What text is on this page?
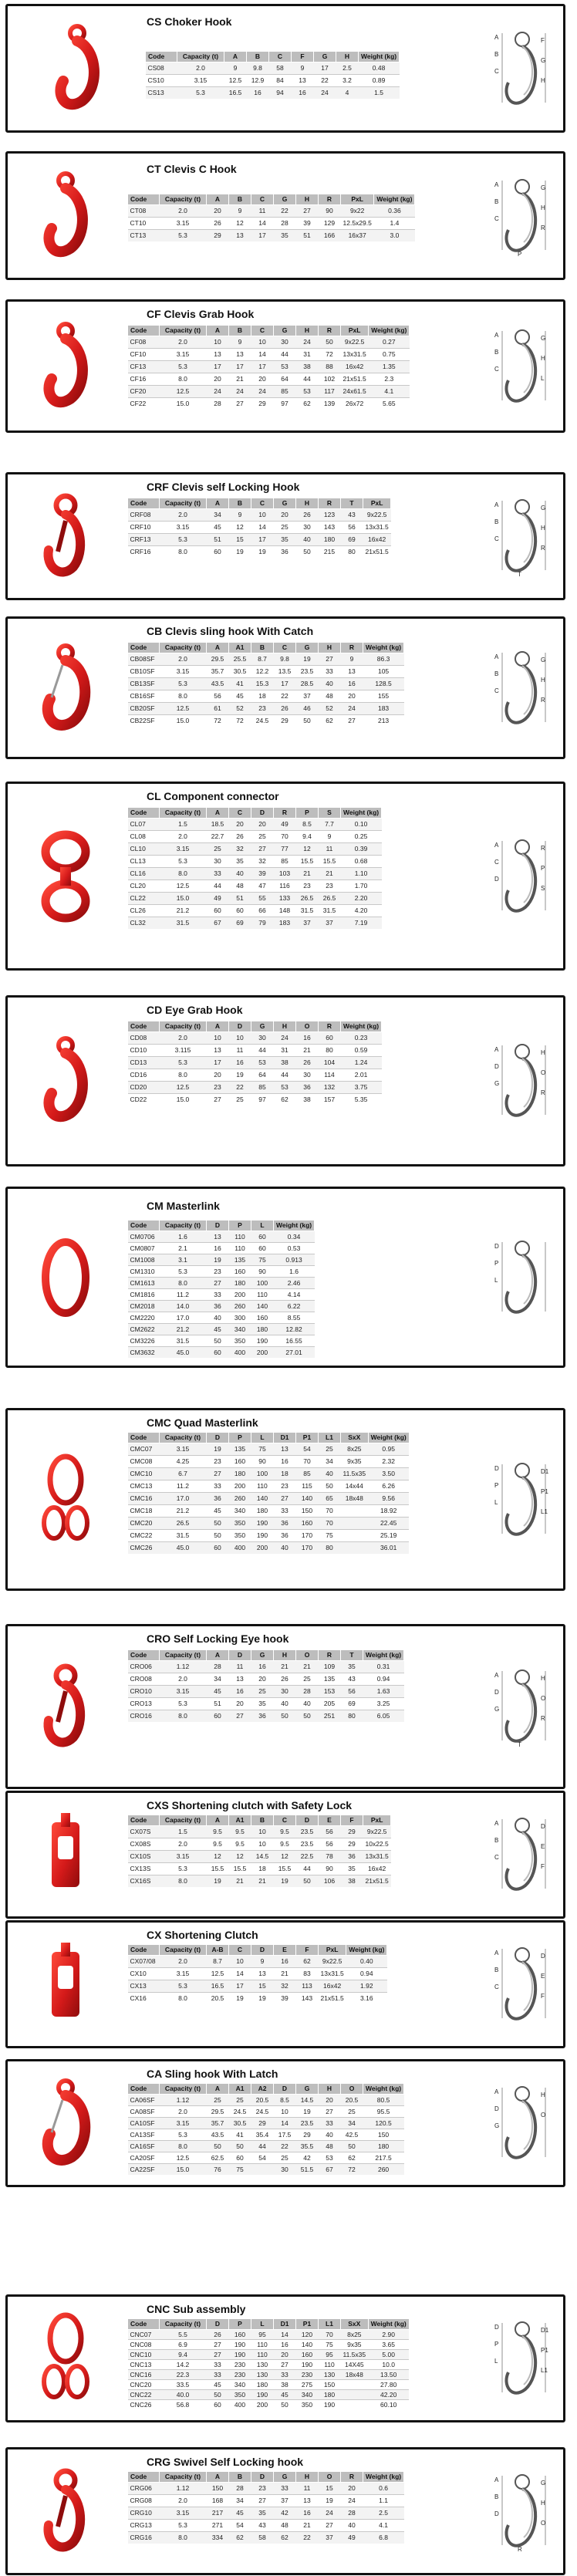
CS Choker Hook
Code	Capacity (t)	A	B	C	F	G	H	Weight (kg)
CS08	2.0	9	9.8	58	9	17	2.5	0.48
CS10	3.15	12.5	12.9	84	13	22	3.2	0.89
CS13	5.3	16.5	16	94	16	24	4	1.5
A
B
C
F
G
H
CT Clevis C Hook
Code	Capacity (t)	A	B	C	G	H	R	PxL	Weight (kg)
CT08	2.0	20	9	11	22	27	90	9x22	0.36
CT10	3.15	26	12	14	28	39	129	12.5x29.5	1.4
CT13	5.3	29	13	17	35	51	166	16x37	3.0
A
B
C
G
H
R
P
CF Clevis Grab Hook
Code	Capacity (t)	A	B	C	G	H	R	PxL	Weight (kg)
CF08	2.0	10	9	10	30	24	50	9x22.5	0.27
CF10	3.15	13	13	14	44	31	72	13x31.5	0.75
CF13	5.3	17	17	17	53	38	88	16x42	1.35
CF16	8.0	20	21	20	64	44	102	21x51.5	2.3
CF20	12.5	24	24	24	85	53	117	24x61.5	4.1
CF22	15.0	28	27	29	97	62	139	26x72	5.65
A
B
C
G
H
L
CRF Clevis self Locking Hook
Code	Capacity (t)	A	B	C	G	H	R	T	PxL
CRF08	2.0	34	9	10	20	26	123	43	9x22.5
CRF10	3.15	45	12	14	25	30	143	56	13x31.5
CRF13	5.3	51	15	17	35	40	180	69	16x42
CRF16	8.0	60	19	19	36	50	215	80	21x51.5
A
B
C
G
H
R
T
CB Clevis sling hook With Catch
Code	Capacity (t)	A	A1	B	C	G	H	R	Weight (kg)
CB08SF	2.0	29.5	25.5	8.7	9.8	19	27	9	86.3
CB10SF	3.15	35.7	30.5	12.2	13.5	23.5	33	13	105
CB13SF	5.3	43.5	41	15.3	17	28.5	40	16	128.5
CB16SF	8.0	56	45	18	22	37	48	20	155
CB20SF	12.5	61	52	23	26	46	52	24	183
CB22SF	15.0	72	72	24.5	29	50	62	27	213
A
B
C
G
H
R
CL Component connector
Code	Capacity (t)	A	C	D	R	P	S	Weight (kg)
CL07	1.5	18.5	20	20	49	8.5	7.7	0.10
CL08	2.0	22.7	26	25	70	9.4	9	0.25
CL10	3.15	25	32	27	77	12	11	0.39
CL13	5.3	30	35	32	85	15.5	15.5	0.68
CL16	8.0	33	40	39	103	21	21	1.10
CL20	12.5	44	48	47	116	23	23	1.70
CL22	15.0	49	51	55	133	26.5	26.5	2.20
CL26	21.2	60	60	66	148	31.5	31.5	4.20
CL32	31.5	67	69	79	183	37	37	7.19
A
C
D
R
P
S
CD Eye Grab Hook
Code	Capacity (t)	A	D	G	H	O	R	Weight (kg)
CD08	2.0	10	10	30	24	16	60	0.23
CD10	3.115	13	11	44	31	21	80	0.59
CD13	5.3	17	16	53	38	26	104	1.24
CD16	8.0	20	19	64	44	30	114	2.01
CD20	12.5	23	22	85	53	36	132	3.75
CD22	15.0	27	25	97	62	38	157	5.35
A
D
G
H
O
R
CM Masterlink
Code	Capacity (t)	D	P	L	Weight (kg)
CM0706	1.6	13	110	60	0.34
CM0807	2.1	16	110	60	0.53
CM1008	3.1	19	135	75	0.913
CM1310	5.3	23	160	90	1.6
CM1613	8.0	27	180	100	2.46
CM1816	11.2	33	200	110	4.14
CM2018	14.0	36	260	140	6.22
CM2220	17.0	40	300	160	8.55
CM2622	21.2	45	340	180	12.82
CM3226	31.5	50	350	190	16.55
CM3632	45.0	60	400	200	27.01
D
P
L
CMC Quad Masterlink
Code	Capacity (t)	D	P	L	D1	P1	L1	SxX	Weight (kg)
CMC07	3.15	19	135	75	13	54	25	8x25	0.95
CMC08	4.25	23	160	90	16	70	34	9x35	2.32
CMC10	6.7	27	180	100	18	85	40	11.5x35	3.50
CMC13	11.2	33	200	110	23	115	50	14x44	6.26
CMC16	17.0	36	260	140	27	140	65	18x48	9.56
CMC18	21.2	45	340	180	33	150	70		18.92
CMC20	26.5	50	350	190	36	160	70		22.45
CMC22	31.5	50	350	190	36	170	75		25.19
CMC26	45.0	60	400	200	40	170	80		36.01
D
P
L
D1
P1
L1
CRO Self Locking Eye hook
Code	Capacity (t)	A	D	G	H	O	R	T	Weight (kg)
CRO06	1.12	28	11	16	21	21	109	35	0.31
CRO08	2.0	34	13	20	26	25	135	43	0.94
CRO10	3.15	45	16	25	30	28	153	56	1.63
CRO13	5.3	51	20	35	40	40	205	69	3.25
CRO16	8.0	60	27	36	50	50	251	80	6.05
A
D
G
H
O
R
T
CXS Shortening clutch with Safety Lock
Code	Capacity (t)	A	A1	B	C	D	E	F	PxL
CX07S	1.5	9.5	9.5	10	9.5	23.5	56	29	9x22.5
CX08S	2.0	9.5	9.5	10	9.5	23.5	56	29	10x22.5
CX10S	3.15	12	12	14.5	12	22.5	78	36	13x31.5
CX13S	5.3	15.5	15.5	18	15.5	44	90	35	16x42
CX16S	8.0	19	21	21	19	50	106	38	21x51.5
A
B
C
D
E
F
CX Shortening Clutch
Code	Capacity (t)	A-B	C	D	E	F	PxL	Weight (kg)
CX07/08	2.0	8.7	10	9	16	62	9x22.5	0.40
CX10	3.15	12.5	14	13	21	83	13x31.5	0.94
CX13	5.3	16.5	17	15	32	113	16x42	1.92
CX16	8.0	20.5	19	19	39	143	21x51.5	3.16
A
B
C
D
E
F
CA Sling hook With Latch
Code	Capacity (t)	A	A1	A2	D	G	H	O	Weight (kg)
CA06SF	1.12	25	25	20.5	8.5	14.5	20	20.5	80.5
CA08SF	2.0	29.5	24.5	24.5	10	19	27	25	95.5
CA10SF	3.15	35.7	30.5	29	14	23.5	33	34	120.5
CA13SF	5.3	43.5	41	35.4	17.5	29	40	42.5	150
CA16SF	8.0	50	50	44	22	35.5	48	50	180
CA20SF	12.5	62.5	60	54	25	42	53	62	217.5
CA22SF	15.0	76	75		30	51.5	67	72	260
A
D
G
H
O
CNC Sub assembly
Code	Capacity (t)	D	P	L	D1	P1	L1	SxX	Weight (kg)
CNC07	5.5	26	160	95	14	120	70	8x25	2.90
CNC08	6.9	27	190	110	16	140	75	9x35	3.65
CNC10	9.4	27	190	110	20	160	95	11.5x35	5.00
CNC13	14.2	33	230	130	27	190	110	14X45	10.0
CNC16	22.3	33	230	130	33	230	130	18x48	13.50
CNC20	33.5	45	340	180	38	275	150		27.80
CNC22	40.0	50	350	190	45	340	180		42.20
CNC26	56.8	60	400	200	50	350	190		60.10
D
P
L
D1
P1
L1
CRG Swivel Self Locking hook
Code	Capacity (t)	A	B	D	G	H	O	R	Weight (kg)
CRG06	1.12	150	28	23	33	11	15	20	0.6
CRG08	2.0	168	34	27	37	13	19	24	1.1
CRG10	3.15	217	45	35	42	16	24	28	2.5
CRG13	5.3	271	54	43	48	21	27	40	4.1
CRG16	8.0	334	62	58	62	22	37	49	6.8
A
B
D
G
H
O
R
